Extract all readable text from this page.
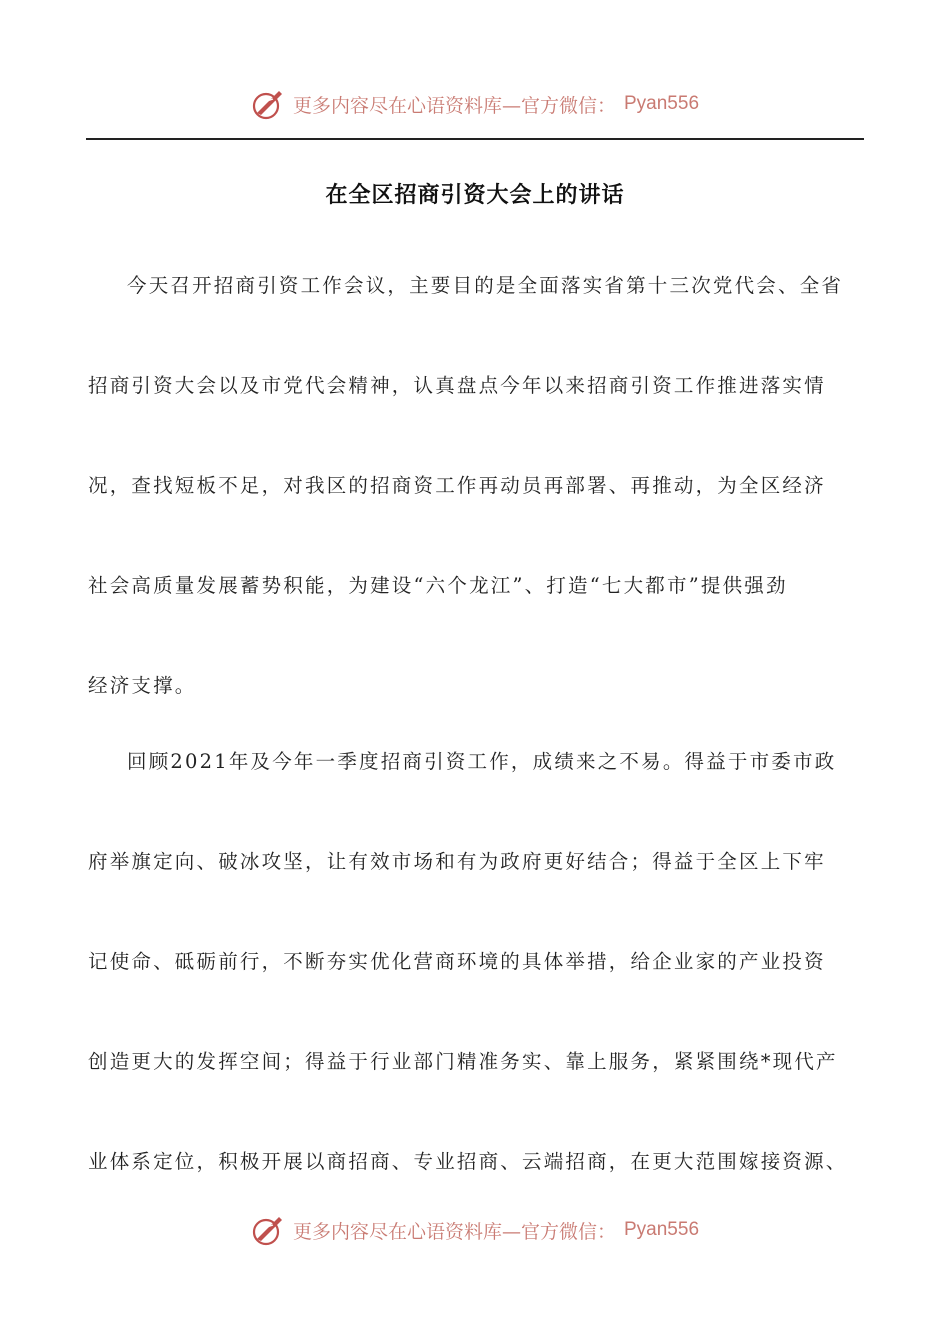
更多内容尽在心语资料库—官方微信： Pyan556
在全区招商引资大会上的讲话
今天召开招商引资工作会议，主要目的是全面落实省第十三次党代会、全省
招商引资大会以及市党代会精神，认真盘点今年以来招商引资工作推进落实情
况，查找短板不足，对我区的招商资工作再动员再部署、再推动，为全区经济
社会高质量发展蓄势积能，为建设“六个龙江”、打造“七大都市”提供强劲
经济支撑。
回顾2021年及今年一季度招商引资工作，成绩来之不易。得益于市委市政
府举旗定向、破冰攻坚，让有效市场和有为政府更好结合；得益于全区上下牢
记使命、砥砺前行，不断夯实优化营商环境的具体举措，给企业家的产业投资
创造更大的发挥空间；得益于行业部门精准务实、靠上服务，紧紧围绕*现代产
业体系定位，积极开展以商招商、专业招商、云端招商，在更大范围嫁接资源、
更多内容尽在心语资料库—官方微信： Pyan556
